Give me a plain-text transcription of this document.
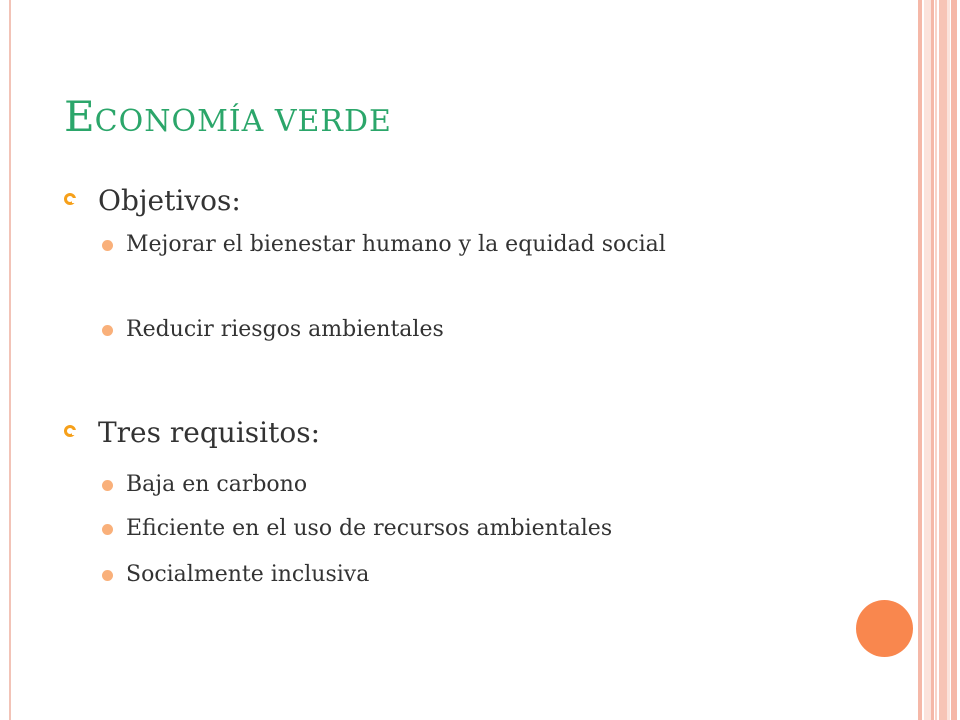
ECONOMÍA VERDE
Objetivos:
Mejorar el bienestar humano y la equidad social
Reducir riesgos ambientales
Tres requisitos:
Baja en carbono
Eficiente en el uso de recursos ambientales
Socialmente inclusiva
